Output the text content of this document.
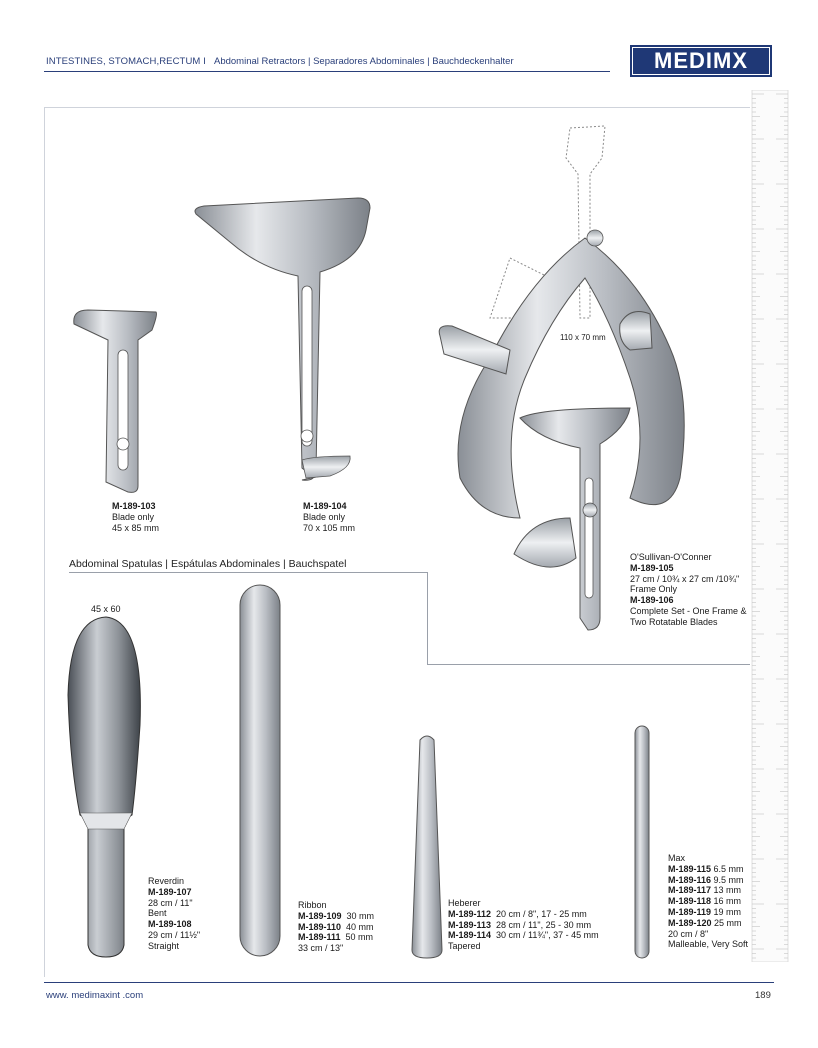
INTESTINES, STOMACH,RECTUM I Abdominal Retractors | Separadores Abdominales | Bauchdeckenhalter	MEDIMX
M-189-103
Blade only
45 x 85 mm
M-189-104
Blade only
70 x 105 mm
110 x 70 mm
O'Sullivan-O'Conner
M-189-105
27 cm / 10¾ x 27 cm /10¾"
Frame Only
M-189-106
Complete Set - One Frame &
Two Rotatable Blades
Abdominal Spatulas | Espátulas Abdominales | Bauchspatel
45 x 60
Reverdin
M-189-107
28 cm / 11"
Bent
M-189-108
29 cm / 11½"
Straight
Ribbon
M-189-109 30 mm
M-189-110 40 mm
M-189-111 50 mm
33 cm / 13"
Heberer
M-189-112 20 cm / 8", 17 - 25 mm
M-189-113 28 cm / 11", 25 - 30 mm
M-189-114 30 cm / 11¾", 37 - 45 mm
Tapered
Max
M-189-115 6.5 mm
M-189-116 9.5 mm
M-189-117 13 mm
M-189-118 16 mm
M-189-119 19 mm
M-189-120 25 mm
20 cm / 8"
Malleable, Very Soft
www. medimaxint .com	189
